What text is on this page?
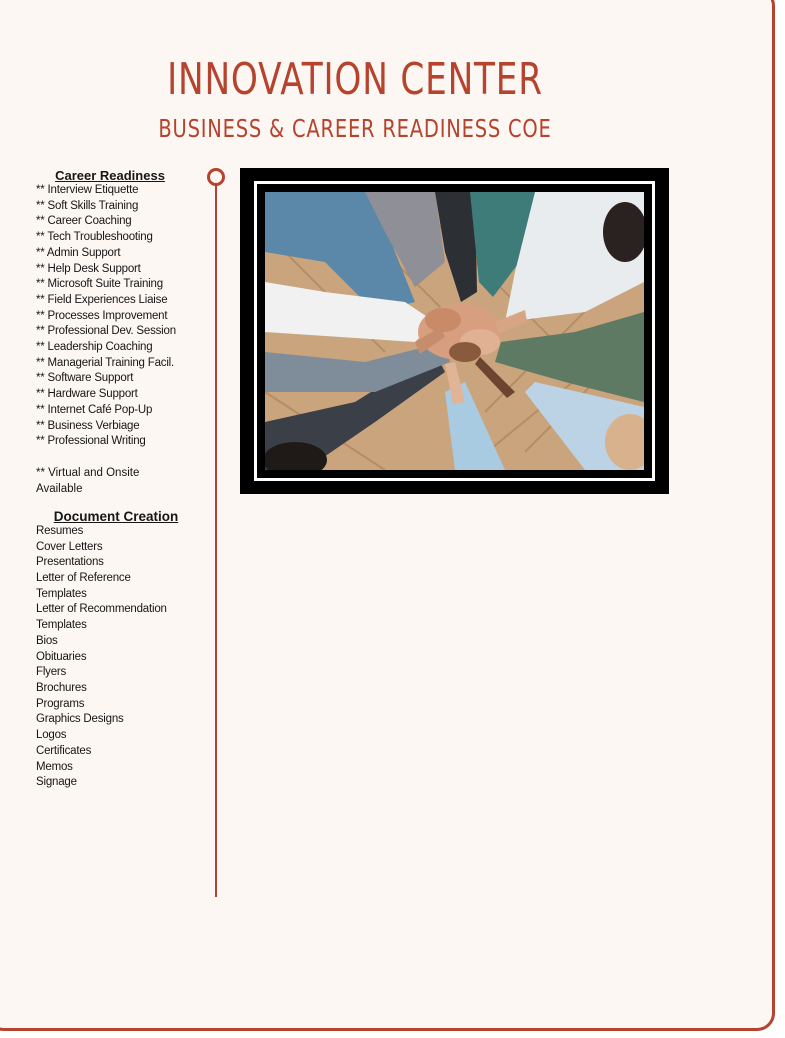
INNOVATION CENTER
BUSINESS & CAREER READINESS COE
Career Readiness
** Interview Etiquette
** Soft Skills Training
** Career Coaching
** Tech Troubleshooting
** Admin Support
** Help Desk Support
** Microsoft Suite Training
** Field Experiences Liaise
** Processes Improvement
** Professional Dev. Session
** Leadership Coaching
** Managerial Training Facil.
** Software Support
** Hardware Support
** Internet Café Pop-Up
** Business Verbiage
** Professional Writing
** Virtual and Onsite Available
Document Creation
Resumes
Cover Letters
Presentations
Letter of Reference
Templates
Letter of Recommendation
Templates
Bios
Obituaries
Flyers
Brochures
Programs
Graphics Designs
Logos
Certificates
Memos
Signage
